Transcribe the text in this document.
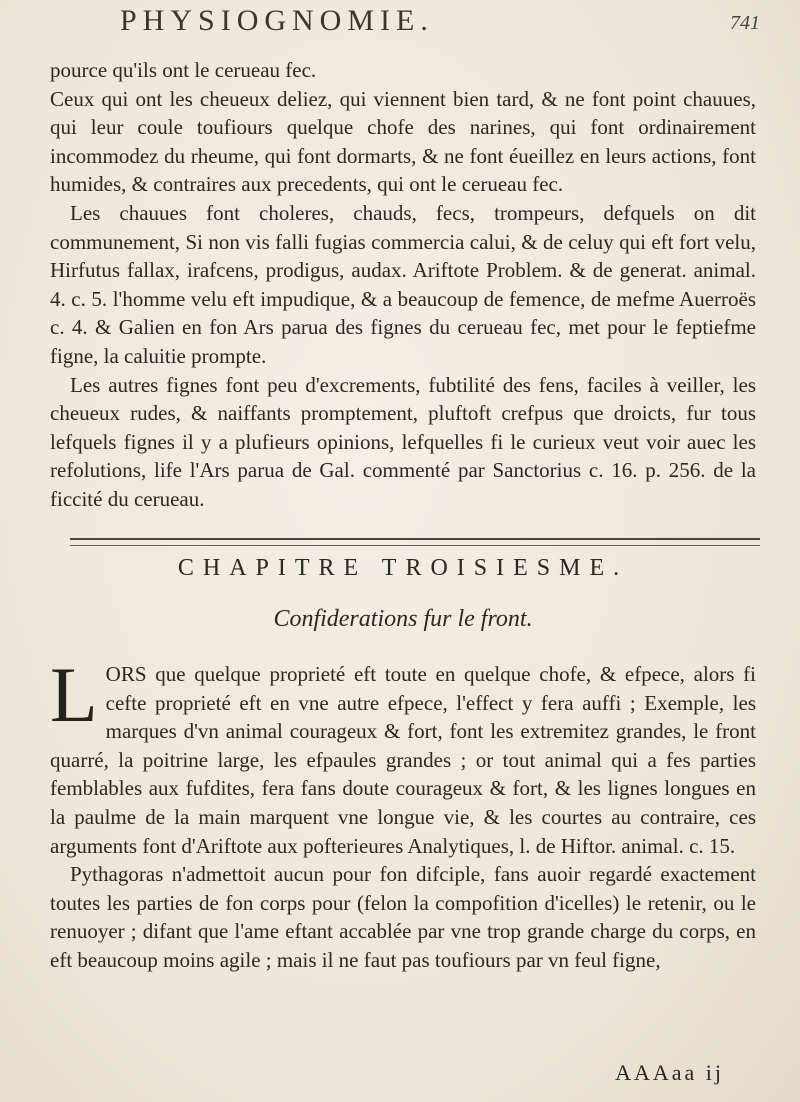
PHYSIOGNOMIE.	741

pource qu'ils ont le cerueau fec.
Ceux qui ont les cheueux deliez, qui viennent bien tard, & ne font point chauues, qui leur coule toufiours quelque chofe des narines, qui font ordinairement incommodez du rheume, qui font dormarts, & ne font éueillez en leurs actions, font humides, & contraires aux precedents, qui ont le cerueau fec.

Les chauues font choleres, chauds, fecs, trompeurs, defquels on dit communement, Si non vis falli fugias commercia calui, & de celuy qui eft fort velu, Hirfutus fallax, irafcens, prodigus, audax. Ariftote Problem. & de generat. animal. 4. c. 5. l'homme velu eft impudique, & a beaucoup de femence, de mefme Auerroës c. 4. & Galien en fon Ars parua des fignes du cerueau fec, met pour le feptiefme figne, la caluitie prompte.

Les autres fignes font peu d'excrements, fubtilité des fens, faciles à veiller, les cheueux rudes, & naiffants promptement, pluftoft crefpus que droicts, fur tous lefquels fignes il y a plufieurs opinions, lefquelles fi le curieux veut voir auec les refolutions, life l'Ars parua de Gal. commenté par Sanctorius c. 16. p. 256. de la ficcité du cerueau.

CHAPITRE TROISIESME.
Confiderations fur le front.
L ORS que quelque proprieté eft toute en quelque chofe, & efpece, alors fi cefte proprieté eft en vne autre efpece, l'effect y fera auffi ; Exemple, les marques d'vn animal courageux & fort, font les extremitez grandes, le front quarré, la poitrine large, les efpaules grandes ; or tout animal qui a fes parties femblables aux fufdites, fera fans doute courageux & fort, & les lignes longues en la paulme de la main marquent vne longue vie, & les courtes au contraire, ces arguments font d'Ariftote aux pofterieures Analytiques, l. de Hiftor. animal. c. 15.

Pythagoras n'admettoit aucun pour fon difciple, fans auoir regardé exactement toutes les parties de fon corps pour (felon la compofition d'icelles) le retenir, ou le renuoyer ; difant que l'ame eftant accablée par vne trop grande charge du corps, en eft beaucoup moins agile ; mais il ne faut pas toufiours par vn feul figne,

AAAaa ij
